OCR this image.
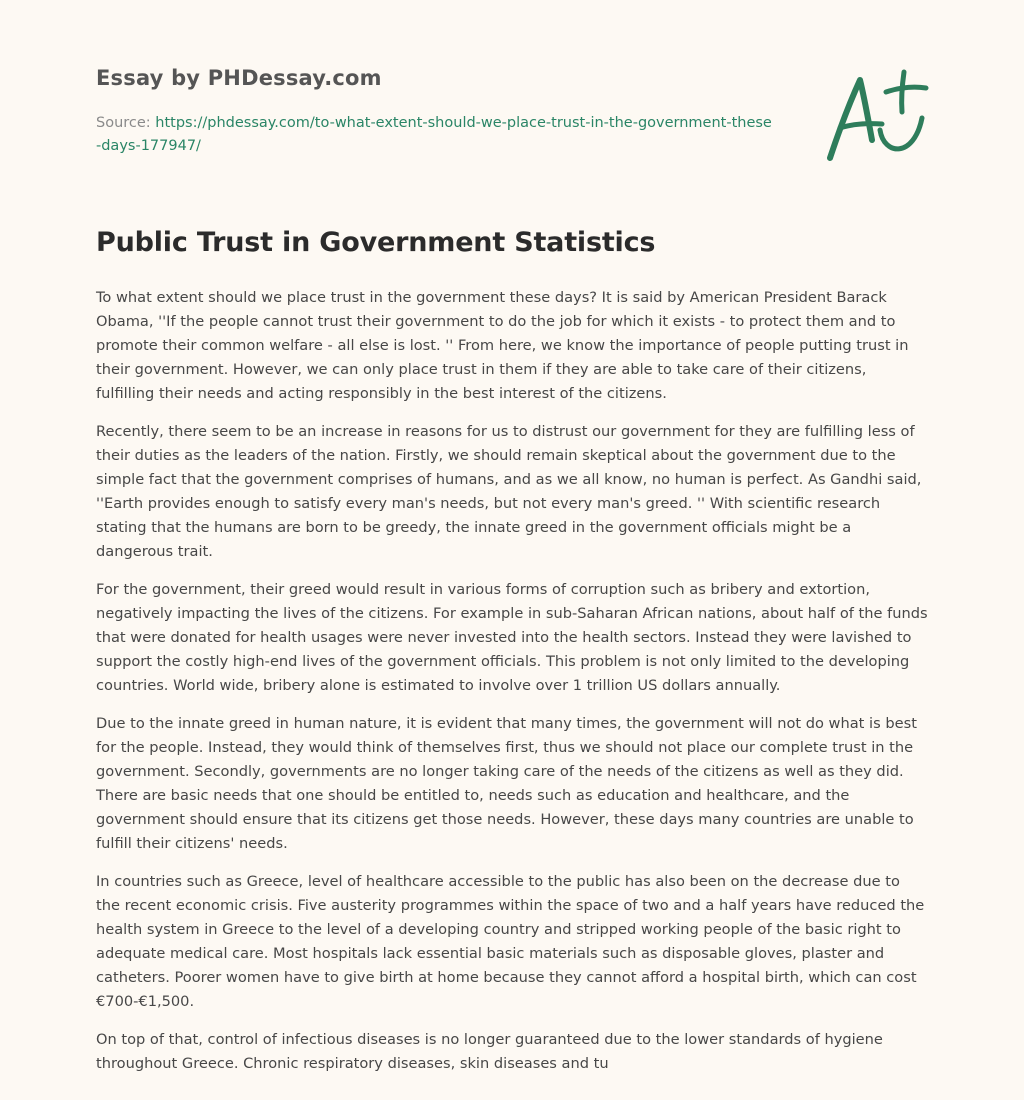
Essay by PHDessay.com
Source: https://phdessay.com/to-what-extent-should-we-place-trust-in-the-government-these-days-177947/
Public Trust in Government Statistics

To what extent should we place trust in the government these days? It is said by American President Barack Obama, ''If the people cannot trust their government to do the job for which it exists - to protect them and to promote their common welfare - all else is lost. '' From here, we know the importance of people putting trust in their government. However, we can only place trust in them if they are able to take care of their citizens, fulfilling their needs and acting responsibly in the best interest of the citizens.

Recently, there seem to be an increase in reasons for us to distrust our government for they are fulfilling less of their duties as the leaders of the nation. Firstly, we should remain skeptical about the government due to the simple fact that the government comprises of humans, and as we all know, no human is perfect. As Gandhi said, ''Earth provides enough to satisfy every man's needs, but not every man's greed. '' With scientific research stating that the humans are born to be greedy, the innate greed in the government officials might be a dangerous trait.

For the government, their greed would result in various forms of corruption such as bribery and extortion, negatively impacting the lives of the citizens. For example in sub-Saharan African nations, about half of the funds that were donated for health usages were never invested into the health sectors. Instead they were lavished to support the costly high-end lives of the government officials. This problem is not only limited to the developing countries. World wide, bribery alone is estimated to involve over 1 trillion US dollars annually.

Due to the innate greed in human nature, it is evident that many times, the government will not do what is best for the people. Instead, they would think of themselves first, thus we should not place our complete trust in the government. Secondly, governments are no longer taking care of the needs of the citizens as well as they did. There are basic needs that one should be entitled to, needs such as education and healthcare, and the government should ensure that its citizens get those needs. However, these days many countries are unable to fulfill their citizens' needs.

In countries such as Greece, level of healthcare accessible to the public has also been on the decrease due to the recent economic crisis. Five austerity programmes within the space of two and a half years have reduced the health system in Greece to the level of a developing country and stripped working people of the basic right to adequate medical care. Most hospitals lack essential basic materials such as disposable gloves, plaster and catheters. Poorer women have to give birth at home because they cannot afford a hospital birth, which can cost €700-€1,500.

On top of that, control of infectious diseases is no longer guaranteed due to the lower standards of hygiene throughout Greece. Chronic respiratory diseases, skin diseases and tu
